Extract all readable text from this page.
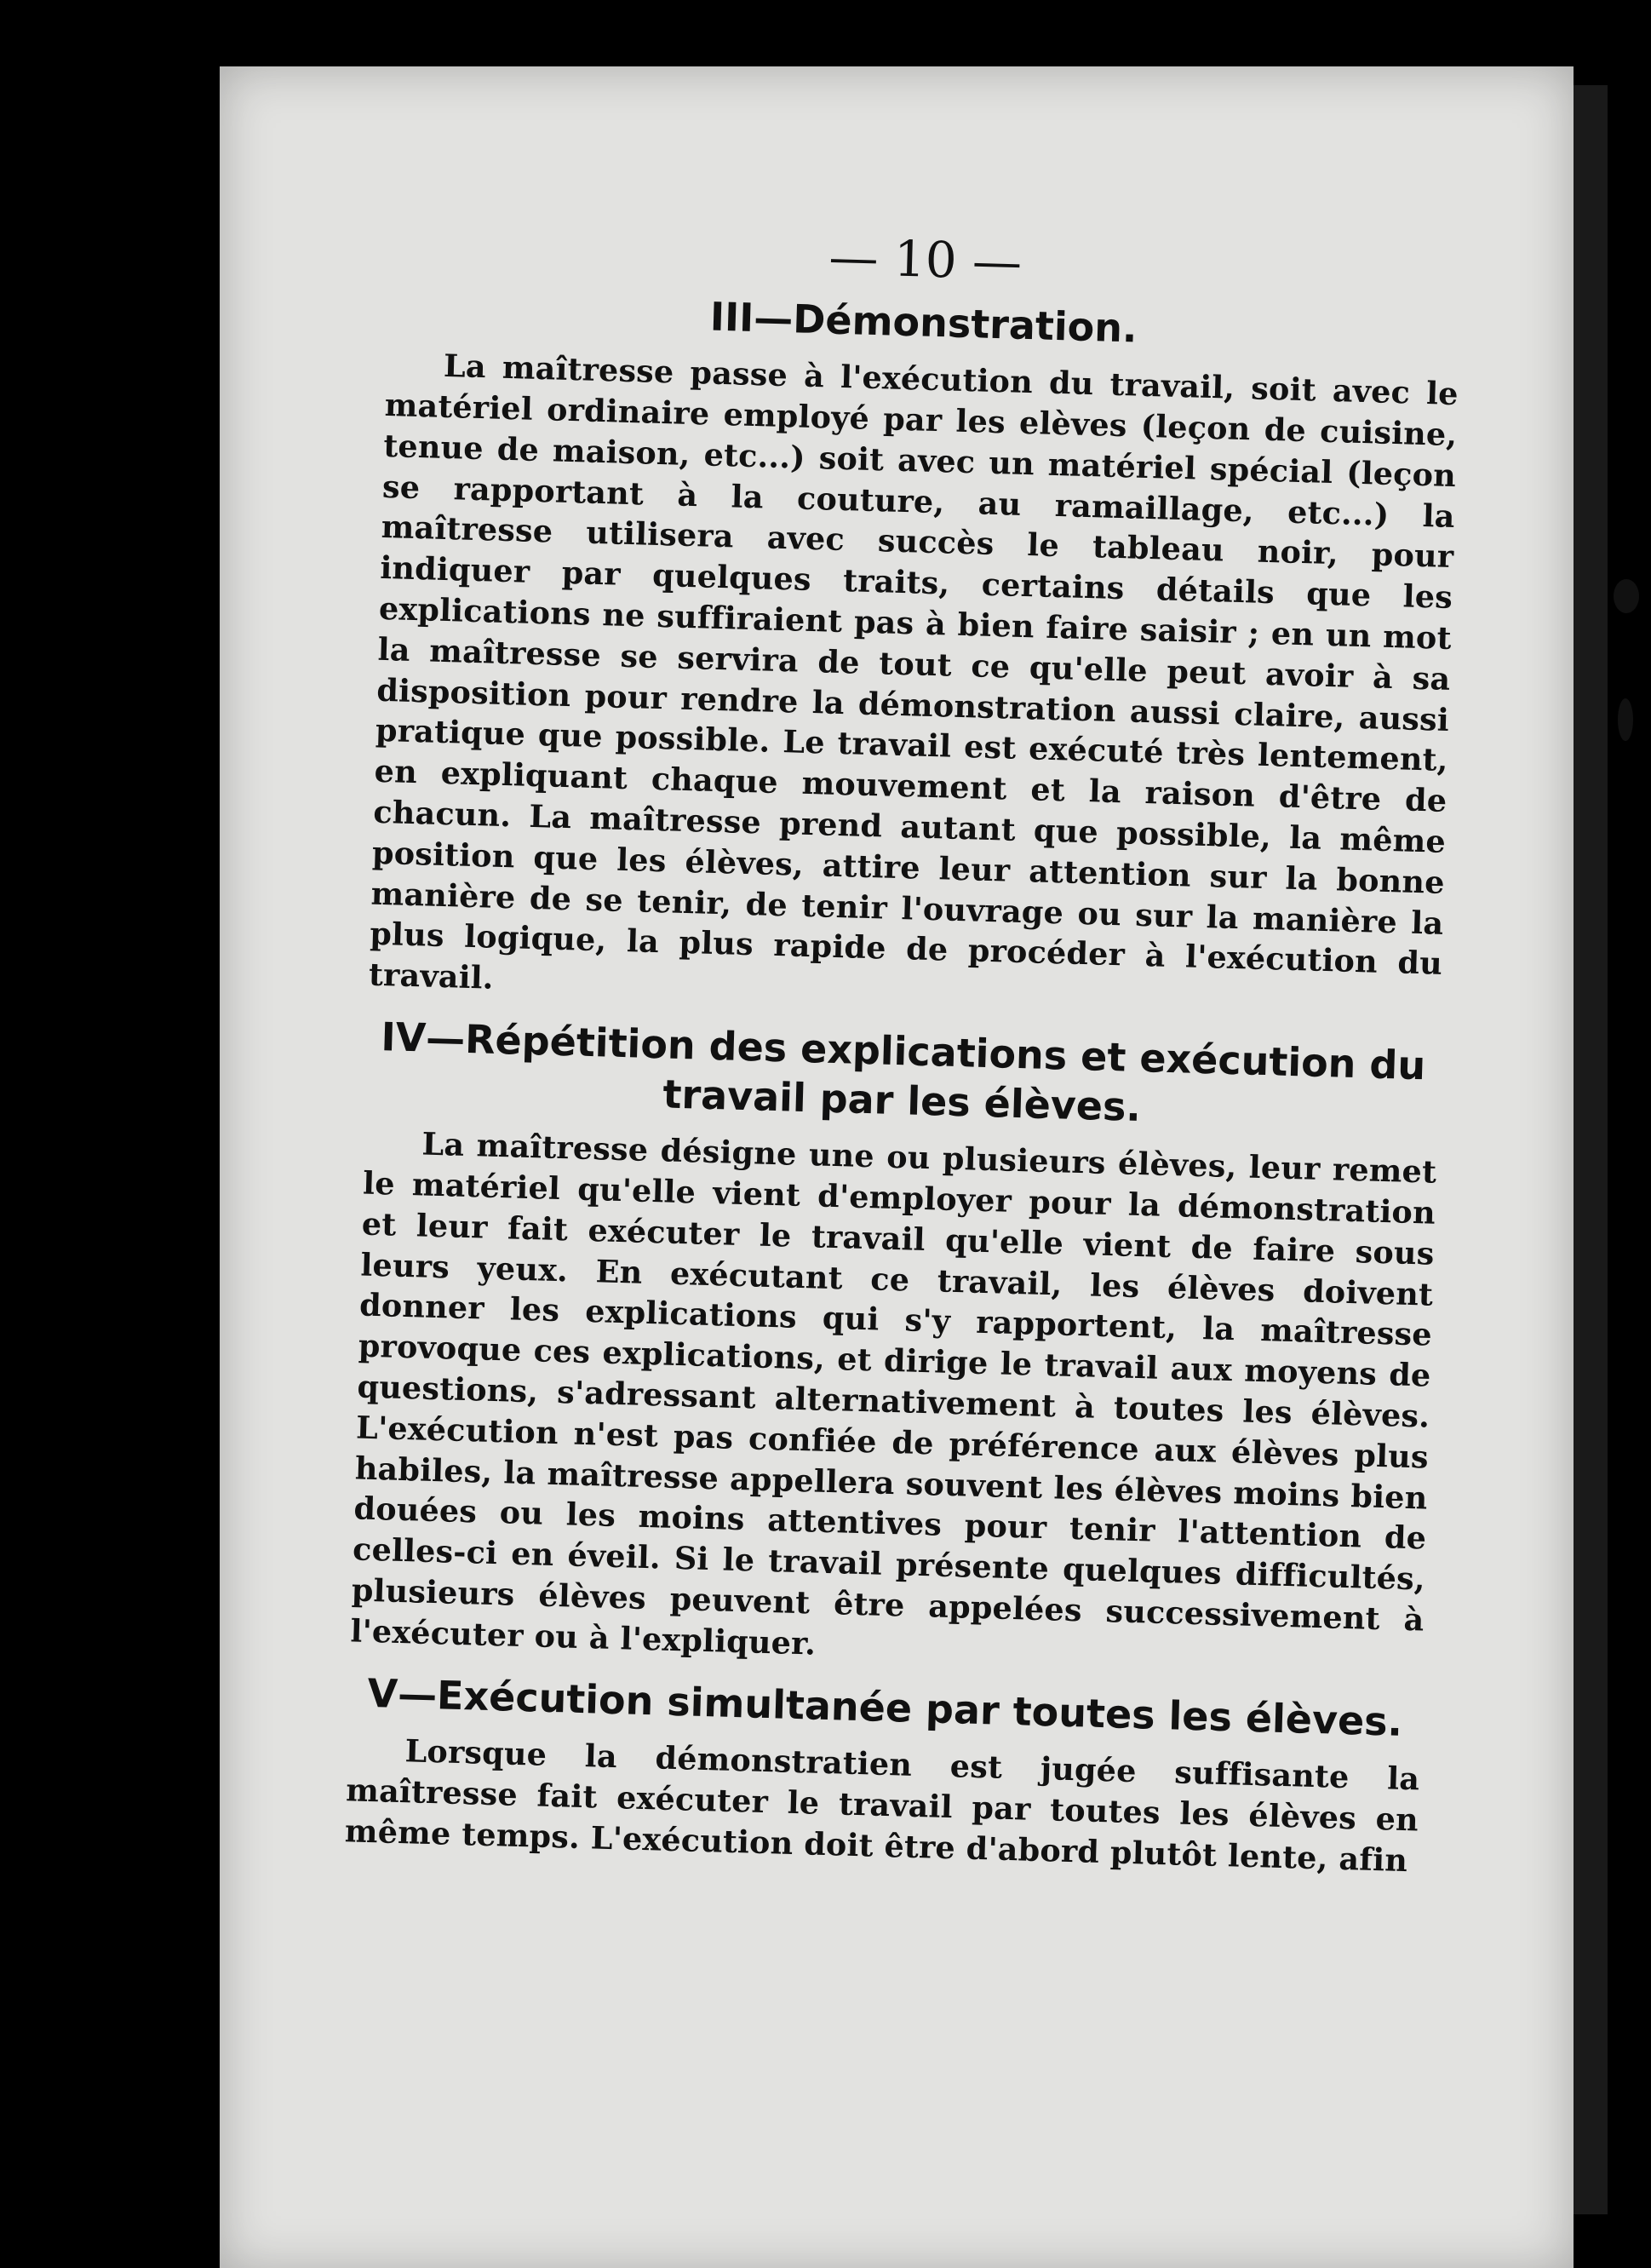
— 10 —
III—Démonstration.

La maîtresse passe à l'exécution du travail, soit avec le matériel ordinaire employé par les elèves (leçon de cuisine, tenue de maison, etc...) soit avec un matériel spécial (leçon se rapportant à la couture, au ramaillage, etc...) la maîtresse utilisera avec succès le tableau noir, pour indiquer par quelques traits, certains détails que les explications ne suffiraient pas à bien faire saisir ; en un mot la maîtresse se servira de tout ce qu'elle peut avoir à sa disposition pour rendre la démonstration aussi claire, aussi pratique que possible. Le travail est exécuté très lentement, en expliquant chaque mouvement et la raison d'être de chacun. La maîtresse prend autant que possible, la même position que les élèves, attire leur attention sur la bonne manière de se tenir, de tenir l'ouvrage ou sur la manière la plus logique, la plus rapide de procéder à l'exécution du travail.

IV—Répétition des explications et exécution du travail par les élèves.

La maîtresse désigne une ou plusieurs élèves, leur remet le matériel qu'elle vient d'employer pour la démonstration et leur fait exécuter le travail qu'elle vient de faire sous leurs yeux. En exécutant ce travail, les élèves doivent donner les explications qui s'y rapportent, la maîtresse provoque ces explications, et dirige le travail aux moyens de questions, s'adressant alternativement à toutes les élèves. L'exécution n'est pas confiée de préférence aux élèves plus habiles, la maîtresse appellera souvent les élèves moins bien douées ou les moins attentives pour tenir l'attention de celles-ci en éveil. Si le travail présente quelques difficultés, plusieurs élèves peuvent être appelées successivement à l'exécuter ou à l'expliquer.

V—Exécution simultanée par toutes les élèves.

Lorsque la démonstratien est jugée suffisante la maîtresse fait exécuter le travail par toutes les élèves en même temps. L'exécution doit être d'abord plutôt lente, afin
